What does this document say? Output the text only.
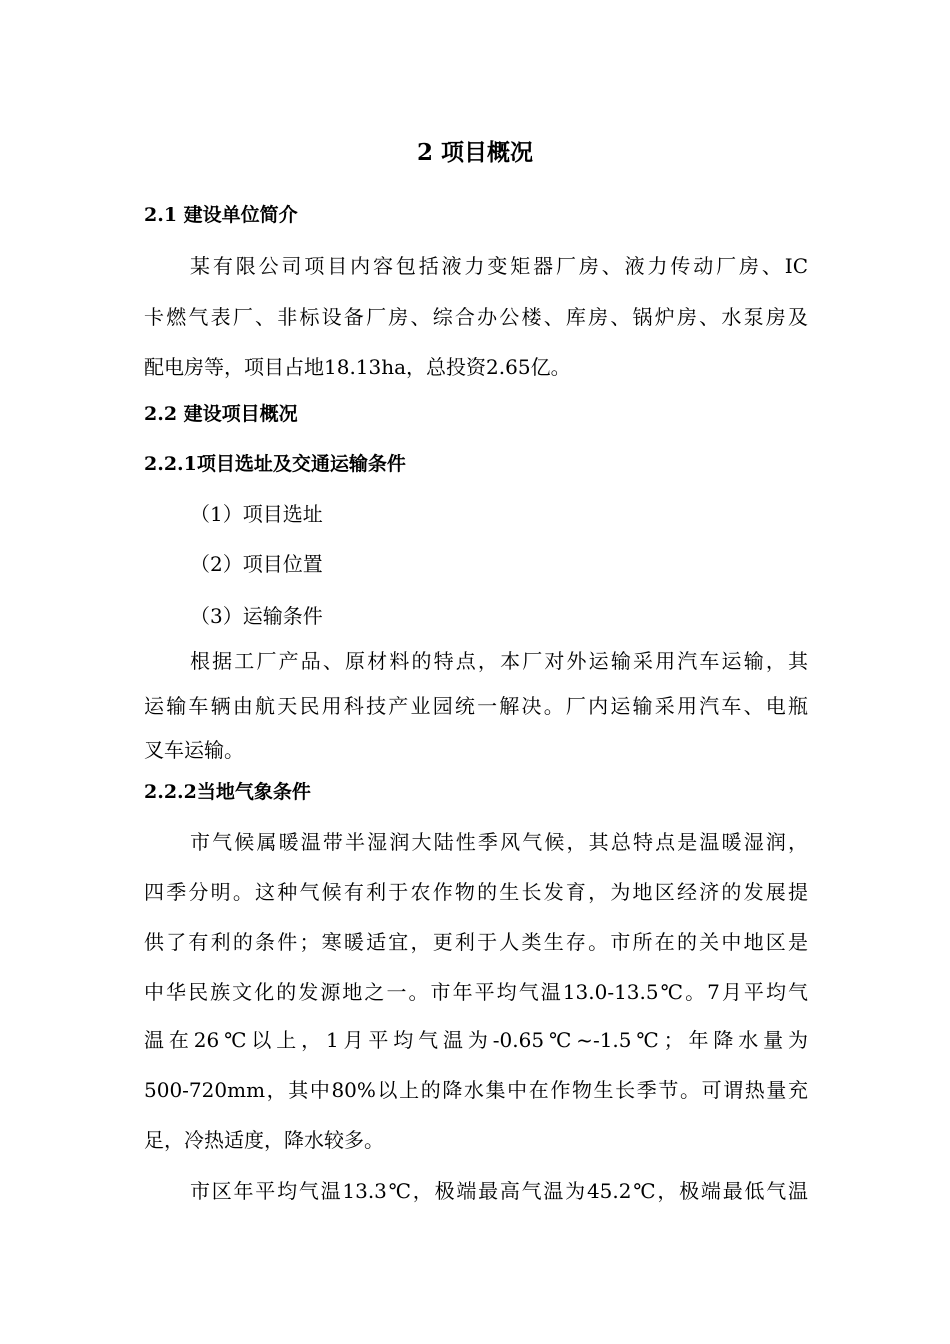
2 项目概况
2.1 建设单位简介

某有限公司项目内容包括液力变矩器厂房、液力传动厂房、IC

卡燃气表厂、非标设备厂房、综合办公楼、库房、锅炉房、水泵房及

配电房等，项目占地18.13ha，总投资2.65亿。

2.2 建设项目概况
2.2.1项目选址及交通运输条件

（1）项目选址

（2）项目位置

（3）运输条件

根据工厂产品、原材料的特点，本厂对外运输采用汽车运输，其

运输车辆由航天民用科技产业园统一解决。厂内运输采用汽车、电瓶

叉车运输。

2.2.2当地气象条件

市气候属暖温带半湿润大陆性季风气候，其总特点是温暖湿润，

四季分明。这种气候有利于农作物的生长发育，为地区经济的发展提

供了有利的条件；寒暖适宜，更利于人类生存。市所在的关中地区是

中华民族文化的发源地之一。市年平均气温13.0-13.5℃。7月平均气

温在26℃以上，1月平均气温为-0.65℃~-1.5℃；年降水量为

500-720mm，其中80%以上的降水集中在作物生长季节。可谓热量充

足，冷热适度，降水较多。

市区年平均气温13.3℃，极端最高气温为45.2℃，极端最低气温
